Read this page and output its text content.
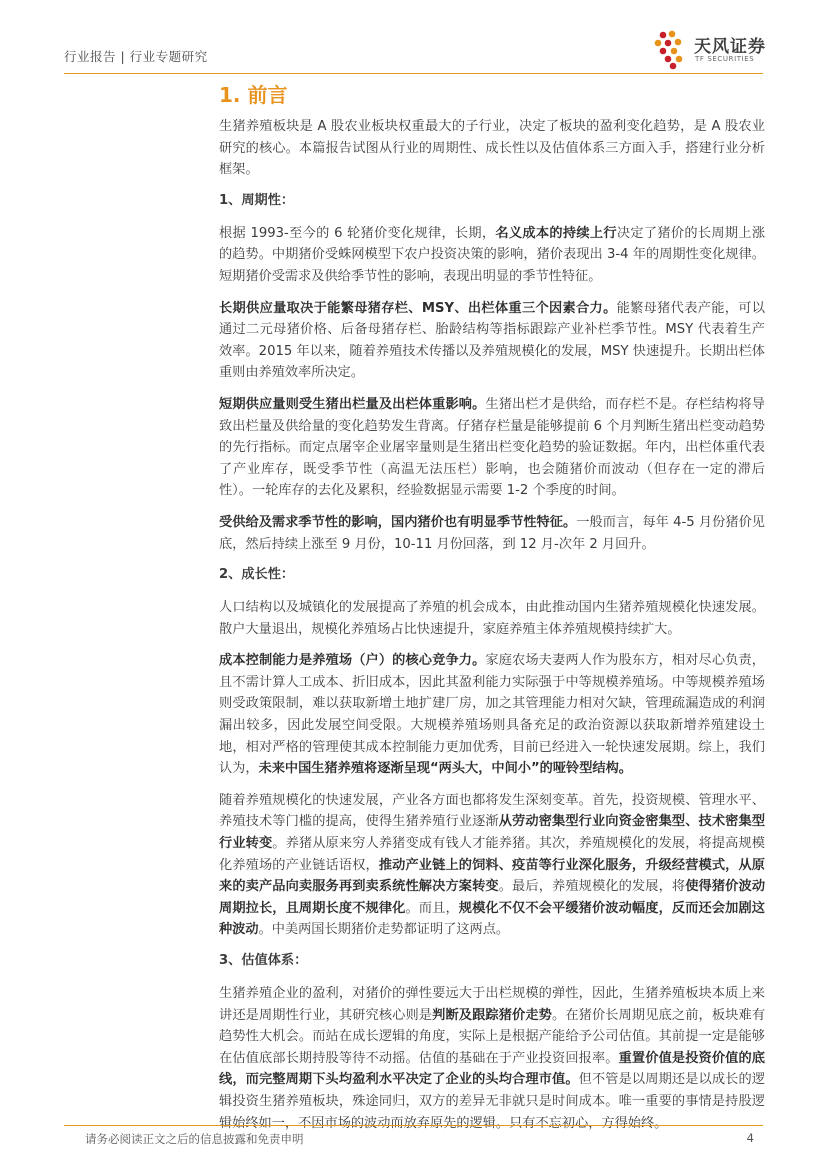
行业报告 | 行业专题研究	天风证券
TF SECURITIES
1. 前言

生猪养殖板块是 A 股农业板块权重最大的子行业，决定了板块的盈利变化趋势，是 A 股农业研究的核心。本篇报告试图从行业的周期性、成长性以及估值体系三方面入手，搭建行业分析框架。

1、周期性：

根据 1993-至今的 6 轮猪价变化规律，长期，名义成本的持续上行决定了猪价的长周期上涨的趋势。中期猪价受蛛网模型下农户投资决策的影响，猪价表现出 3-4 年的周期性变化规律。短期猪价受需求及供给季节性的影响，表现出明显的季节性特征。

长期供应量取决于能繁母猪存栏、MSY、出栏体重三个因素合力。能繁母猪代表产能，可以通过二元母猪价格、后备母猪存栏、胎龄结构等指标跟踪产业补栏季节性。MSY 代表着生产效率。2015 年以来，随着养殖技术传播以及养殖规模化的发展，MSY 快速提升。长期出栏体重则由养殖效率所决定。

短期供应量则受生猪出栏量及出栏体重影响。生猪出栏才是供给，而存栏不是。存栏结构将导致出栏量及供给量的变化趋势发生背离。仔猪存栏量是能够提前 6 个月判断生猪出栏变动趋势的先行指标。而定点屠宰企业屠宰量则是生猪出栏变化趋势的验证数据。年内，出栏体重代表了产业库存，既受季节性（高温无法压栏）影响，也会随猪价而波动（但存在一定的滞后性）。一轮库存的去化及累积，经验数据显示需要 1-2 个季度的时间。

受供给及需求季节性的影响，国内猪价也有明显季节性特征。一般而言，每年 4-5 月份猪价见底，然后持续上涨至 9 月份，10-11 月份回落，到 12 月-次年 2 月回升。

2、成长性：

人口结构以及城镇化的发展提高了养殖的机会成本，由此推动国内生猪养殖规模化快速发展。散户大量退出，规模化养殖场占比快速提升，家庭养殖主体养殖规模持续扩大。

成本控制能力是养殖场（户）的核心竞争力。家庭农场夫妻两人作为股东方，相对尽心负责，且不需计算人工成本、折旧成本，因此其盈利能力实际强于中等规模养殖场。中等规模养殖场则受政策限制，难以获取新增土地扩建厂房，加之其管理能力相对欠缺，管理疏漏造成的利润漏出较多，因此发展空间受限。大规模养殖场则具备充足的政治资源以获取新增养殖建设土地，相对严格的管理使其成本控制能力更加优秀，目前已经进入一轮快速发展期。综上，我们认为，未来中国生猪养殖将逐渐呈现“两头大，中间小”的哑铃型结构。

随着养殖规模化的快速发展，产业各方面也都将发生深刻变革。首先，投资规模、管理水平、养殖技术等门槛的提高，使得生猪养殖行业逐渐从劳动密集型行业向资金密集型、技术密集型行业转变。养猪从原来穷人养猪变成有钱人才能养猪。其次，养殖规模化的发展，将提高规模化养殖场的产业链话语权，推动产业链上的饲料、疫苗等行业深化服务，升级经营模式，从原来的卖产品向卖服务再到卖系统性解决方案转变。最后，养殖规模化的发展，将使得猪价波动周期拉长，且周期长度不规律化。而且，规模化不仅不会平缓猪价波动幅度，反而还会加剧这种波动。中美两国长期猪价走势都证明了这两点。

3、估值体系：

生猪养殖企业的盈利，对猪价的弹性要远大于出栏规模的弹性，因此，生猪养殖板块本质上来讲还是周期性行业，其研究核心则是判断及跟踪猪价走势。在猪价长周期见底之前，板块难有趋势性大机会。而站在成长逻辑的角度，实际上是根据产能给予公司估值。其前提一定是能够在估值底部长期持股等待不动摇。估值的基础在于产业投资回报率。重置价值是投资价值的底线，而完整周期下头均盈利水平决定了企业的头均合理市值。但不管是以周期还是以成长的逻辑投资生猪养殖板块，殊途同归，双方的差异无非就只是时间成本。唯一重要的事情是持股逻辑始终如一，不因市场的波动而放弃原先的逻辑。只有不忘初心，方得始终。

请务必阅读正文之后的信息披露和免责申明	4
